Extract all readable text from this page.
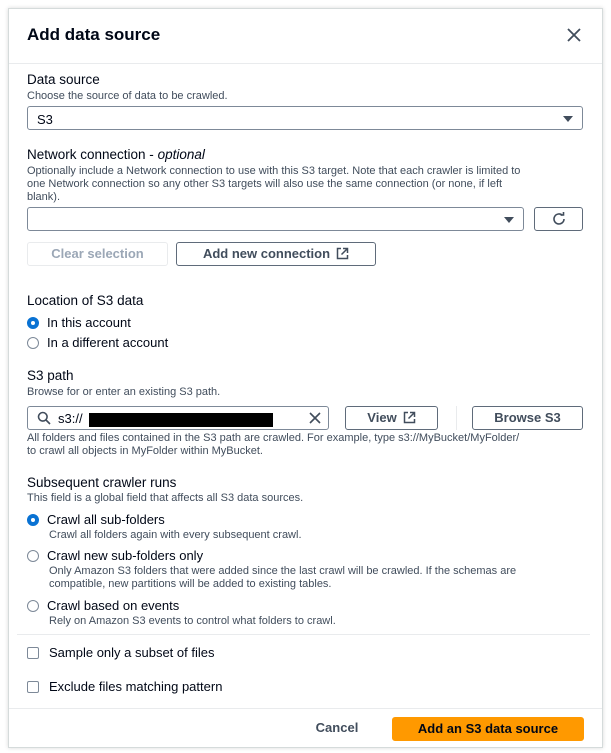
Add data source
Data source
Choose the source of data to be crawled.
S3
Network connection - optional
Optionally include a Network connection to use with this S3 target. Note that each crawler is limited to
one Network connection so any other S3 targets will also use the same connection (or none, if left
blank).
Clear selection	Add new connection
Location of S3 data
In this account
In a different account
S3 path
Browse for or enter an existing S3 path.
s3://	View	Browse S3
All folders and files contained in the S3 path are crawled. For example, type s3://MyBucket/MyFolder/
to crawl all objects in MyFolder within MyBucket.
Subsequent crawler runs
This field is a global field that affects all S3 data sources.
Crawl all sub-folders
Crawl all folders again with every subsequent crawl.
Crawl new sub-folders only
Only Amazon S3 folders that were added since the last crawl will be crawled. If the schemas are
compatible, new partitions will be added to existing tables.
Crawl based on events
Rely on Amazon S3 events to control what folders to crawl.
Sample only a subset of files
Exclude files matching pattern
Cancel	Add an S3 data source
